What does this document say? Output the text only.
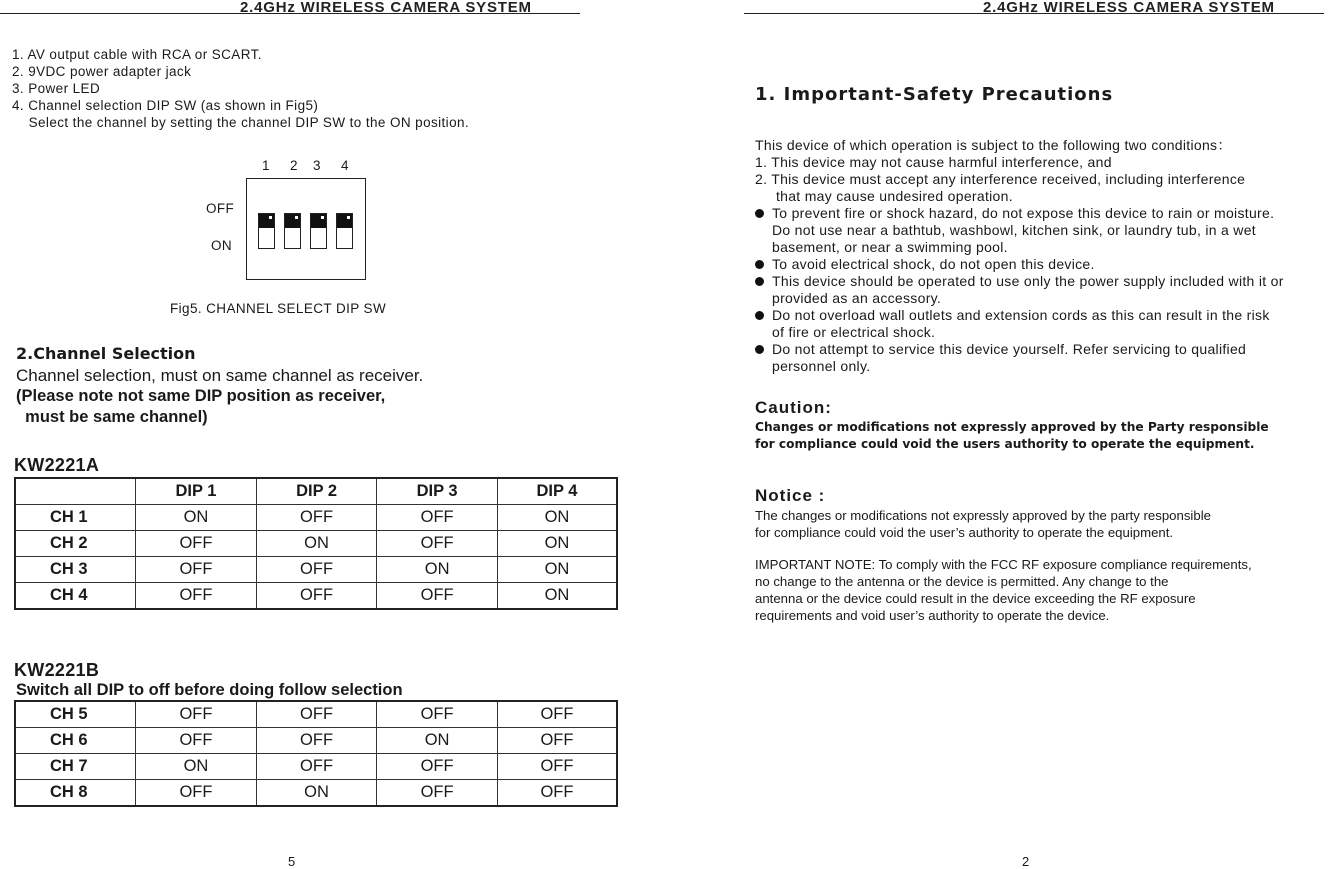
2.4GHz WIRELESS CAMERA SYSTEM
1. AV output cable with RCA or SCART.
2. 9VDC power adapter jack
3. Power LED
4. Channel selection DIP SW (as shown in Fig5)
Select the channel by setting the channel DIP SW to the ON position.
1 2 3 4
OFF
ON
Fig5. CHANNEL SELECT DIP SW
2.Channel Selection
Channel selection, must on same channel as receiver.
(Please note not same DIP position as receiver,
must be same channel)
KW2221A
	DIP 1	DIP 2	DIP 3	DIP 4
CH 1	ON	OFF	OFF	ON
CH 2	OFF	ON	OFF	ON
CH 3	OFF	OFF	ON	ON
CH 4	OFF	OFF	OFF	ON
KW2221B
Switch all DIP to off before doing follow selection
CH 5	OFF	OFF	OFF	OFF
CH 6	OFF	OFF	ON	OFF
CH 7	ON	OFF	OFF	OFF
CH 8	OFF	ON	OFF	OFF
5
2.4GHz WIRELESS CAMERA SYSTEM
1. Important-Safety Precautions
This device of which operation is subject to the following two conditions：
1. This device may not cause harmful interference, and
2. This device must accept any interference received, including interference
that may cause undesired operation.
To prevent fire or shock hazard, do not expose this device to rain or moisture.
Do not use near a bathtub, washbowl, kitchen sink, or laundry tub, in a wet
basement, or near a swimming pool.
To avoid electrical shock, do not open this device.
This device should be operated to use only the power supply included with it or
provided as an accessory.
Do not overload wall outlets and extension cords as this can result in the risk
of fire or electrical shock.
Do not attempt to service this device yourself. Refer servicing to qualified
personnel only.
Caution:
Changes or modifications not expressly approved by the Party responsible
for compliance could void the users authority to operate the equipment.
Notice :
The changes or modifications not expressly approved by the party responsible
for compliance could void the user’s authority to operate the equipment.
IMPORTANT NOTE: To comply with the FCC RF exposure compliance requirements,
no change to the antenna or the device is permitted. Any change to the
antenna or the device could result in the device exceeding the RF exposure
requirements and void user’s authority to operate the device.
2
